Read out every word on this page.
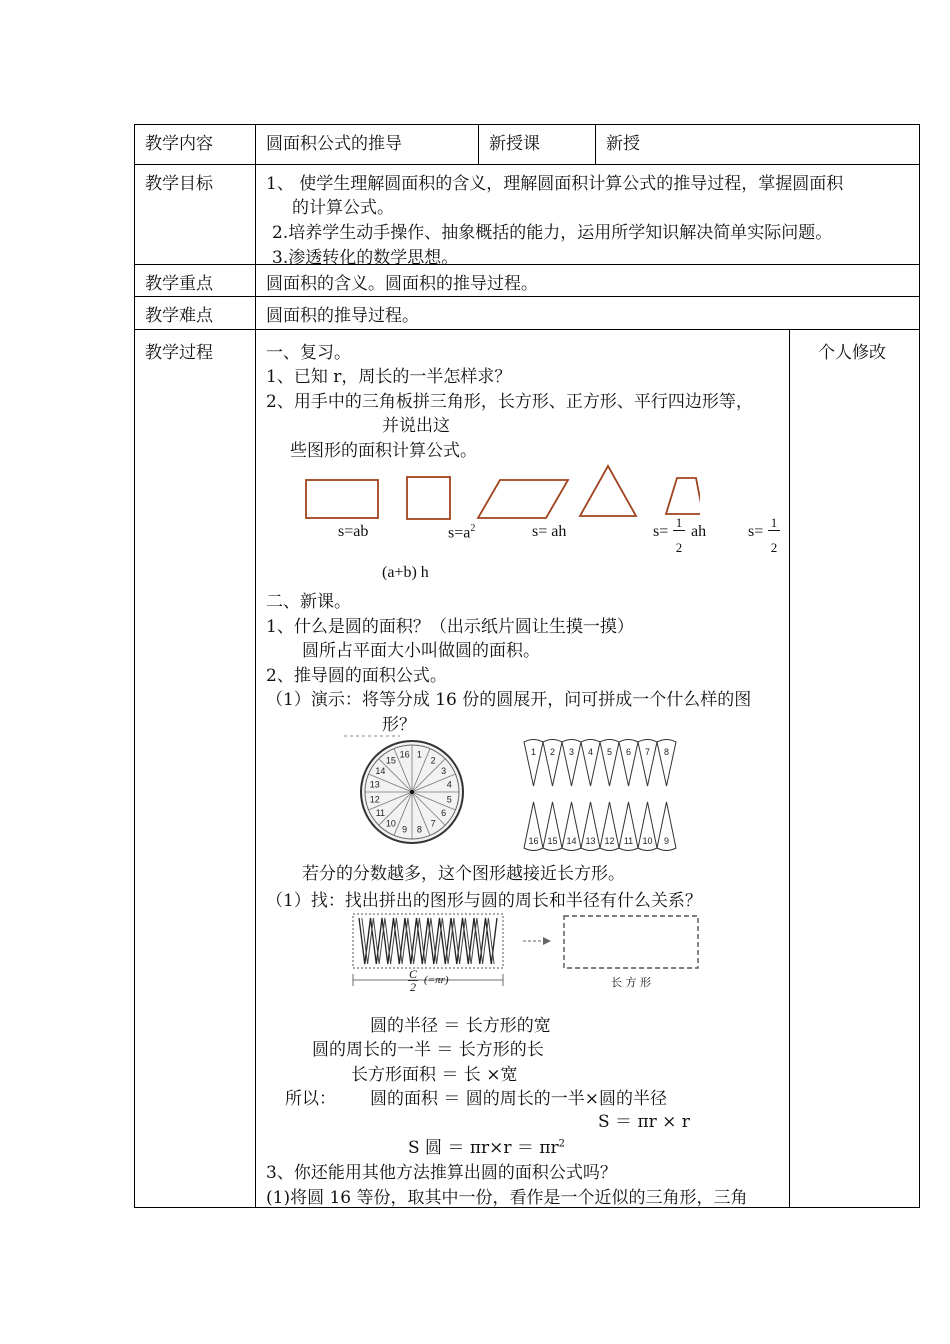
教学内容	圆面积公式的推导	新授课	新授
教学目标	1、 使学生理解圆面积的含义，理解圆面积计算公式的推导过程，掌握圆面积
的计算公式。
2.培养学生动手操作、抽象概括的能力，运用所学知识解决简单实际问题。
3.渗透转化的数学思想。
教学重点	圆面积的含义。圆面积的推导过程。
教学难点	圆面积的推导过程。
教学过程	个人修改
一、复习。
1、已知 r，周长的一半怎样求？
2、用手中的三角板拼三角形，长方形、正方形、平行四边形等，
并说出这
些图形的面积计算公式。
s=ab	$s=a^2$	s= ah	s=
1
2
ah	s=
1
2
(a+b) h
二、新课。
1、什么是圆的面积？（出示纸片圆让生摸一摸）
圆所占平面大小叫做圆的面积。
2、推导圆的面积公式。
（1）演示：将等分成 16 份的圆展开，问可拼成一个什么样的图
形？
1
2
3
4
5
6
7
8
9
10
11
12
13
14
15
16	1 2 3 4 5 6 7 8
16 15 14 13 12 11 10 9
若分的分数越多，这个图形越接近长方形。
（1）找：找出拼出的图形与圆的周长和半径有什么关系？
C
2 (=πr)	长 方 形
圆的半径 ＝ 长方形的宽
圆的周长的一半 ＝ 长方形的长
长方形面积 ＝ 长 ×宽
所以： 圆的面积 ＝ 圆的周长的一半×圆的半径
S ＝ πr × r
S 圆 ＝ $\pi r\times r = \pi r^2$
3、你还能用其他方法推算出圆的面积公式吗？
(1)将圆 16 等份，取其中一份，看作是一个近似的三角形，三角
